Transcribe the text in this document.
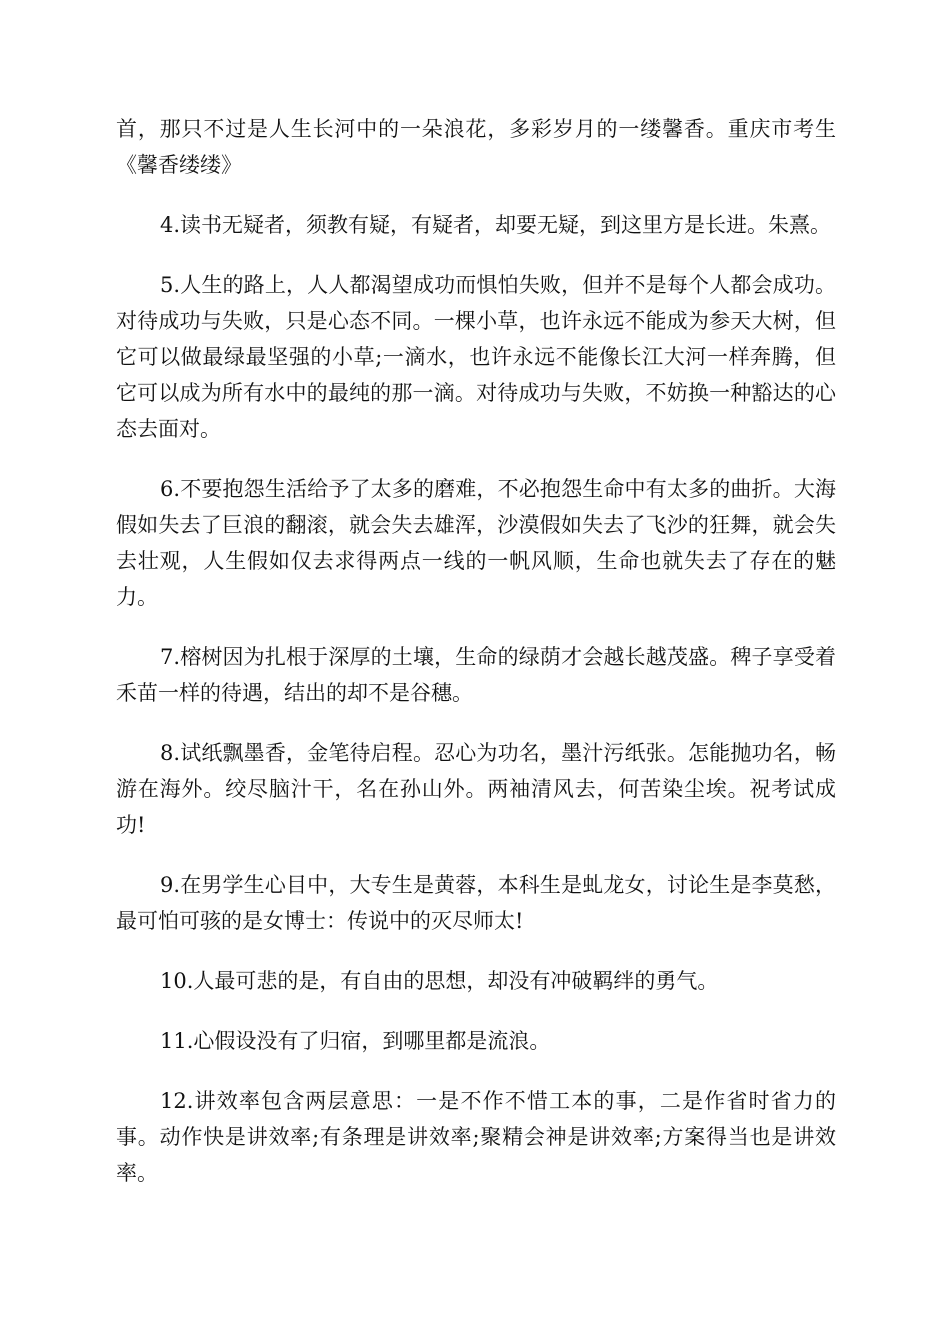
首，那只不过是人生长河中的一朵浪花，多彩岁月的一缕馨香。重庆市考生《馨香缕缕》

4.读书无疑者，须教有疑，有疑者，却要无疑，到这里方是长进。朱熹。

5.人生的路上，人人都渴望成功而惧怕失败，但并不是每个人都会成功。对待成功与失败，只是心态不同。一棵小草，也许永远不能成为参天大树，但它可以做最绿最坚强的小草;一滴水，也许永远不能像长江大河一样奔腾，但它可以成为所有水中的最纯的那一滴。对待成功与失败，不妨换一种豁达的心态去面对。

6.不要抱怨生活给予了太多的磨难，不必抱怨生命中有太多的曲折。大海假如失去了巨浪的翻滚，就会失去雄浑，沙漠假如失去了飞沙的狂舞，就会失去壮观，人生假如仅去求得两点一线的一帆风顺，生命也就失去了存在的魅力。

7.榕树因为扎根于深厚的土壤，生命的绿荫才会越长越茂盛。稗子享受着禾苗一样的待遇，结出的却不是谷穗。

8.试纸飘墨香，金笔待启程。忍心为功名，墨汁污纸张。怎能抛功名，畅游在海外。绞尽脑汁干，名在孙山外。两袖清风去，何苦染尘埃。祝考试成功!

9.在男学生心目中，大专生是黄蓉，本科生是虬龙女，讨论生是李莫愁，最可怕可骇的是女博士：传说中的灭尽师太!

10.人最可悲的是，有自由的思想，却没有冲破羁绊的勇气。

11.心假设没有了归宿，到哪里都是流浪。

12.讲效率包含两层意思：一是不作不惜工本的事，二是作省时省力的事。动作快是讲效率;有条理是讲效率;聚精会神是讲效率;方案得当也是讲效率。
